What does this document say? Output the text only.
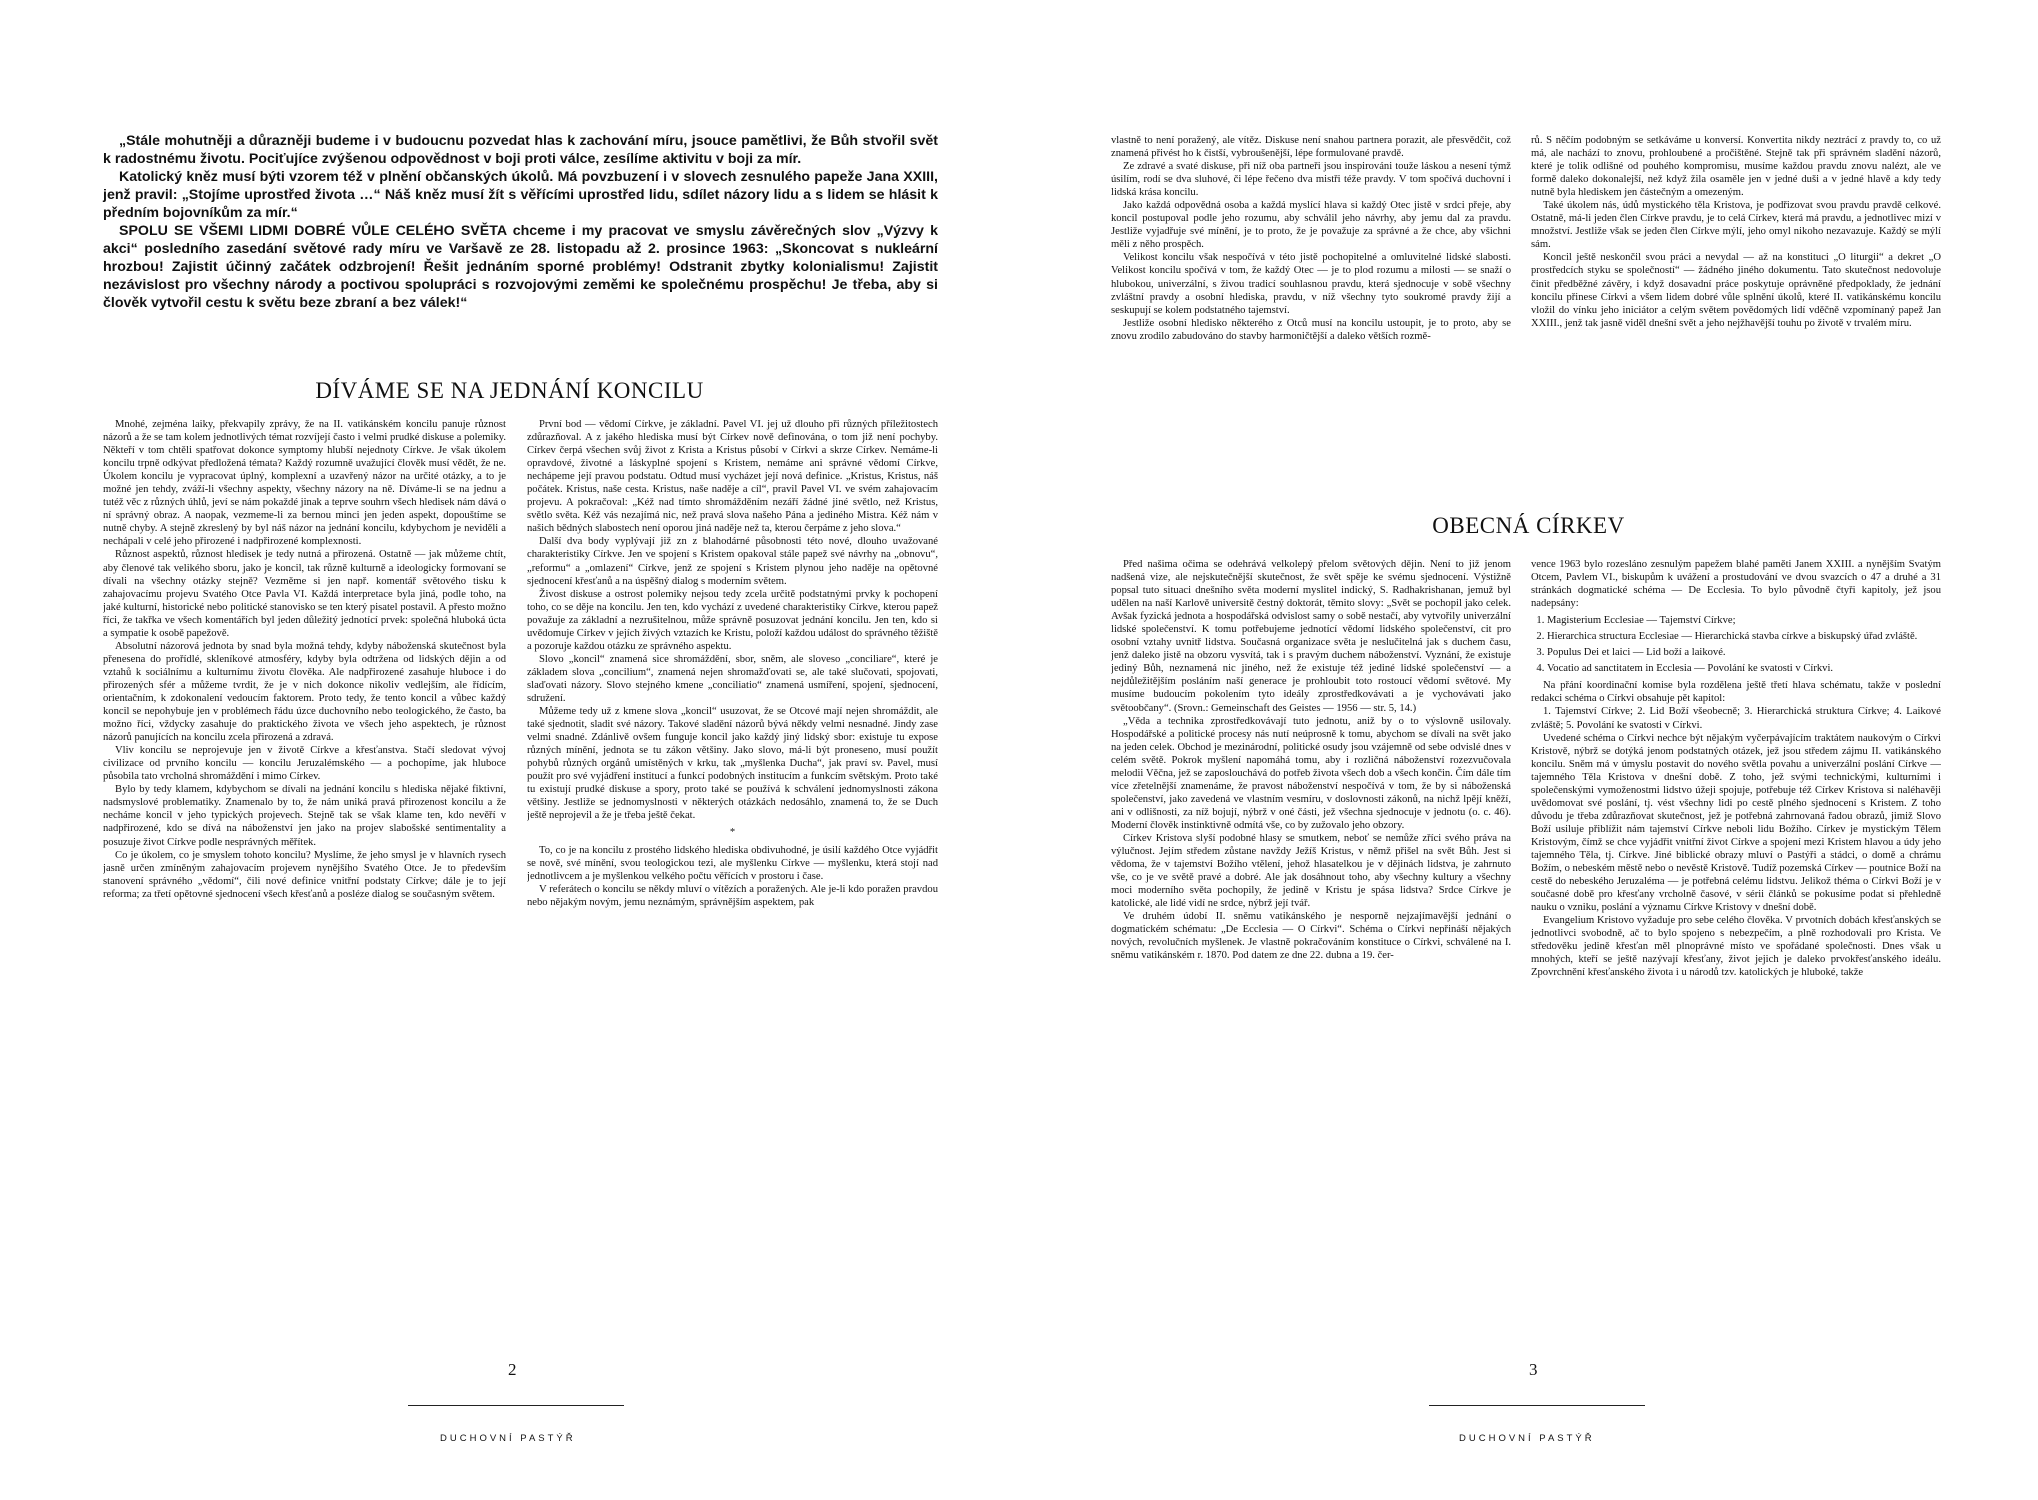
„Stále mohutněji a důrazněji budeme i v budoucnu pozvedat hlas k zachování míru, jsouce pamětlivi, že Bůh stvořil svět k radostnému životu. Pociťujíce zvýšenou odpovědnost v boji proti válce, zesílíme aktivitu v boji za mír.

Katolický kněz musí býti vzorem též v plnění občanských úkolů. Má povzbuzení i v slovech zesnulého papeže Jana XXIII, jenž pravil: „Stojíme uprostřed života …“ Náš kněz musí žít s věřícími uprostřed lidu, sdílet názory lidu a s lidem se hlásit k předním bojovníkům za mír.“

SPOLU SE VŠEMI LIDMI DOBRÉ VŮLE CELÉHO SVĚTA chceme i my pracovat ve smyslu závěrečných slov „Výzvy k akci“ posledního zasedání světové rady míru ve Varšavě ze 28. listopadu až 2. prosince 1963: „Skoncovat s nukleární hrozbou! Zajistit účinný začátek odzbrojení! Řešit jednáním sporné problémy! Odstranit zbytky kolonialismu! Zajistit nezávislost pro všechny národy a poctivou spolupráci s rozvojovými zeměmi ke společnému prospěchu! Je třeba, aby si člověk vytvořil cestu k světu beze zbraní a bez válek!“

DÍVÁME SE NA JEDNÁNÍ KONCILU

Mnohé, zejména laiky, překvapily zprávy, že na II. vatikánském koncilu panuje různost názorů a že se tam kolem jednotlivých témat rozvíjejí často i velmi prudké diskuse a polemiky. Někteří v tom chtěli spatřovat dokonce symptomy hlubší nejednoty Církve. Je však úkolem koncilu trpně odkývat předložená témata? Každý rozumně uvažující člověk musí vědět, že ne. Úkolem koncilu je vypracovat úplný, komplexní a uzavřený názor na určité otázky, a to je možné jen tehdy, zváží-li všechny aspekty, všechny názory na ně. Díváme-li se na jednu a tutéž věc z různých úhlů, jeví se nám pokaždé jinak a teprve souhrn všech hledisek nám dává o ní správný obraz. A naopak, vezmeme-li za bernou minci jen jeden aspekt, dopouštíme se nutně chyby. A stejně zkreslený by byl náš názor na jednání koncilu, kdybychom je neviděli a nechápali v celé jeho přirozené i nadpřirozené komplexnosti.

Různost aspektů, různost hledisek je tedy nutná a přirozená. Ostatně — jak můžeme chtít, aby členové tak velikého sboru, jako je koncil, tak různě kulturně a ideologicky formovaní se dívali na všechny otázky stejně? Vezměme si jen např. komentář světového tisku k zahajovacímu projevu Svatého Otce Pavla VI. Každá interpretace byla jiná, podle toho, na jaké kulturní, historické nebo politické stanovisko se ten který pisatel postavil. A přesto možno říci, že takřka ve všech komentářích byl jeden důležitý jednotící prvek: společná hluboká úcta a sympatie k osobě papežově.

Absolutní názorová jednota by snad byla možná tehdy, kdyby náboženská skutečnost byla přenesena do prořídlé, skleníkové atmosféry, kdyby byla odtržena od lidských dějin a od vztahů k sociálnímu a kulturnímu životu člověka. Ale nadpřirozené zasahuje hluboce i do přirozených sfér a můžeme tvrdit, že je v nich dokonce nikoliv vedlejším, ale řídícím, orientačním, k zdokonalení vedoucím faktorem. Proto tedy, že tento koncil a vůbec každý koncil se nepohybuje jen v problémech řádu úzce duchovního nebo teologického, že často, ba možno říci, vždycky zasahuje do praktického života ve všech jeho aspektech, je různost názorů panujících na koncilu zcela přirozená a zdravá.

Vliv koncilu se neprojevuje jen v životě Církve a křesťanstva. Stačí sledovat vývoj civilizace od prvního koncilu — koncilu Jeruzalémského — a pochopíme, jak hluboce působila tato vrcholná shromáždění i mimo Církev.

Bylo by tedy klamem, kdybychom se dívali na jednání koncilu s hlediska nějaké fiktivní, nadsmyslové problematiky. Znamenalo by to, že nám uniká pravá přirozenost koncilu a že necháme koncil v jeho typických projevech. Stejně tak se však klame ten, kdo nevěří v nadpřirozené, kdo se dívá na náboženství jen jako na projev slabošské sentimentality a posuzuje život Církve podle nesprávných měřítek.

Co je úkolem, co je smyslem tohoto koncilu? Myslíme, že jeho smysl je v hlavních rysech jasně určen zmíněným zahajovacím projevem nynějšího Svatého Otce. Je to především stanovení správného „vědomí“, čili nové definice vnitřní podstaty Církve; dále je to její reforma; za třetí opětovné sjednocení všech křesťanů a posléze dialog se současným světem.

První bod — vědomí Církve, je základní. Pavel VI. jej už dlouho při různých příležitostech zdůrazňoval. A z jakého hlediska musí být Církev nově definována, o tom již není pochyby. Církev čerpá všechen svůj život z Krista a Kristus působí v Církvi a skrze Církev. Nemáme-li opravdové, životné a láskyplné spojení s Kristem, nemáme ani správné vědomí Církve, nechápeme její pravou podstatu. Odtud musí vycházet její nová definice. „Kristus, Kristus, náš počátek. Kristus, naše cesta. Kristus, naše naděje a cíl“, pravil Pavel VI. ve svém zahajovacím projevu. A pokračoval: „Kéž nad tímto shromážděním nezáří žádné jiné světlo, než Kristus, světlo světa. Kéž vás nezajímá nic, než pravá slova našeho Pána a jediného Mistra. Kéž nám v našich bědných slabostech není oporou jiná naděje než ta, kterou čerpáme z jeho slova.“

Další dva body vyplývají již zn z blahodárné působnosti této nové, dlouho uvažované charakteristiky Církve. Jen ve spojení s Kristem opakoval stále papež své návrhy na „obnovu“, „reformu“ a „omlazení“ Církve, jenž ze spojení s Kristem plynou jeho naděje na opětovné sjednocení křesťanů a na úspěšný dialog s moderním světem.

Živost diskuse a ostrost polemiky nejsou tedy zcela určitě podstatnými prvky k pochopení toho, co se děje na koncilu. Jen ten, kdo vychází z uvedené charakteristiky Církve, kterou papež považuje za základní a nezrušitelnou, může správně posuzovat jednání koncilu. Jen ten, kdo si uvědomuje Církev v jejích živých vztazích ke Kristu, položí každou událost do správného těžiště a pozoruje každou otázku ze správného aspektu.

Slovo „koncil“ znamená sice shromáždění, sbor, sněm, ale sloveso „conciliare“, které je základem slova „concilium“, znamená nejen shromažďovati se, ale také slučovati, spojovati, slaďovati názory. Slovo stejného kmene „conciliatio“ znamená usmíření, spojení, sjednocení, sdružení.

Můžeme tedy už z kmene slova „koncil“ usuzovat, že se Otcové mají nejen shromáždit, ale také sjednotit, sladit své názory. Takové sladění názorů bývá někdy velmi nesnadné. Jindy zase velmi snadné. Zdánlivě ovšem funguje koncil jako každý jiný lidský sbor: existuje tu expose různých mínění, jednota se tu zákon většiny. Jako slovo, má-li být proneseno, musí použít pohybů různých orgánů umístěných v krku, tak „myšlenka Ducha“, jak praví sv. Pavel, musí použít pro své vyjádření institucí a funkcí podobných institucím a funkcím světským. Proto také tu existují prudké diskuse a spory, proto také se používá k schválení jednomyslnosti zákona většiny. Jestliže se jednomyslnosti v některých otázkách nedosáhlo, znamená to, že se Duch ještě neprojevil a že je třeba ještě čekat.

*

To, co je na koncilu z prostého lidského hlediska obdivuhodné, je úsilí každého Otce vyjádřit se nově, své mínění, svou teologickou tezi, ale myšlenku Církve — myšlenku, která stojí nad jednotlivcem a je myšlenkou velkého počtu věřících v prostoru i čase.

V referátech o koncilu se někdy mluví o vítězích a poražených. Ale je-li kdo poražen pravdou nebo nějakým novým, jemu neznámým, správnějším aspektem, pak

2
DUCHOVNÍ PASTÝŘ

vlastně to není poražený, ale vítěz. Diskuse není snahou partnera porazit, ale přesvědčit, což znamená přivést ho k čistší, vybroušenější, lépe formulované pravdě.

Ze zdravé a svaté diskuse, při níž oba partneři jsou inspirováni touže láskou a nesení týmž úsilím, rodí se dva sluhové, či lépe řečeno dva mistři téže pravdy. V tom spočívá duchovní i lidská krása koncilu.

Jako každá odpovědná osoba a každá myslící hlava si každý Otec jistě v srdci přeje, aby koncil postupoval podle jeho rozumu, aby schválil jeho návrhy, aby jemu dal za pravdu. Jestliže vyjadřuje své mínění, je to proto, že je považuje za správné a že chce, aby všichni měli z něho prospěch.

Velikost koncilu však nespočívá v této jistě pochopitelné a omluvitelné lidské slabosti. Velikost koncilu spočívá v tom, že každý Otec — je to plod rozumu a milosti — se snaží o hlubokou, univerzální, s živou tradicí souhlasnou pravdu, která sjednocuje v sobě všechny zvláštní pravdy a osobní hlediska, pravdu, v níž všechny tyto soukromé pravdy žijí a seskupují se kolem podstatného tajemství.

Jestliže osobní hledisko některého z Otců musí na koncilu ustoupit, je to proto, aby se znovu zrodilo zabudováno do stavby harmoničtější a daleko větších rozmě-

rů. S něčím podobným se setkáváme u konversí. Konvertita nikdy neztrácí z pravdy to, co už má, ale nachází to znovu, prohloubené a pročištěné. Stejně tak při správném sladění názorů, které je tolik odlišné od pouhého kompromisu, musíme každou pravdu znovu nalézt, ale ve formě daleko dokonalejší, než když žila osaměle jen v jedné duši a v jedné hlavě a kdy tedy nutně byla hlediskem jen částečným a omezeným.

Také úkolem nás, údů mystického těla Kristova, je podřizovat svou pravdu pravdě celkové. Ostatně, má-li jeden člen Církve pravdu, je to celá Církev, která má pravdu, a jednotlivec mizí v množství. Jestliže však se jeden člen Církve mýlí, jeho omyl nikoho nezavazuje. Každý se mýlí sám.

Koncil ještě neskončil svou práci a nevydal — až na konstituci „O liturgii“ a dekret „O prostředcích styku se společností“ — žádného jiného dokumentu. Tato skutečnost nedovoluje činit předběžné závěry, i když dosavadní práce poskytuje oprávněné předpoklady, že jednání koncilu přinese Církvi a všem lidem dobré vůle splnění úkolů, které II. vatikánskému koncilu vložil do vínku jeho iniciátor a celým světem povědomých lidí vděčně vzpomínaný papež Jan XXIII., jenž tak jasně viděl dnešní svět a jeho nejžhavější touhu po životě v trvalém míru.

OBECNÁ CÍRKEV

Před našima očima se odehrává velkolepý přelom světových dějin. Není to již jenom nadšená vize, ale nejskutečnější skutečnost, že svět spěje ke svému sjednocení. Výstižně popsal tuto situaci dnešního světa moderní myslitel indický, S. Radhakrishanan, jemuž byl udělen na naší Karlově universitě čestný doktorát, těmito slovy: „Svět se pochopil jako celek. Avšak fyzická jednota a hospodářská odvislost samy o sobě nestačí, aby vytvořily univerzální lidské společenství. K tomu potřebujeme jednotící vědomí lidského společenství, cit pro osobní vztahy uvnitř lidstva. Současná organizace světa je neslučitelná jak s duchem času, jenž daleko jistě na obzoru vysvítá, tak i s pravým duchem náboženství. Vyznání, že existuje jediný Bůh, neznamená nic jiného, než že existuje též jediné lidské společenství — a nejdůležitějším posláním naší generace je prohloubit toto rostoucí vědomí světové. My musíme budoucím pokolením tyto ideály zprostředkovávati a je vychovávati jako světoobčany“. (Srovn.: Gemeinschaft des Geistes — 1956 — str. 5, 14.)

„Věda a technika zprostředkovávají tuto jednotu, aniž by o to výslovně usilovaly. Hospodářské a politické procesy nás nutí neúprosně k tomu, abychom se dívali na svět jako na jeden celek. Obchod je mezinárodní, politické osudy jsou vzájemně od sebe odvislé dnes v celém světě. Pokrok myšlení napomáhá tomu, aby i rozličná náboženství rozezvučovala melodii Věčna, jež se zaposlouchává do potřeb života všech dob a všech končin. Čím dále tím více zřetelnější znamenáme, že pravost náboženství nespočívá v tom, že by si náboženská společenství, jako zavedená ve vlastním vesmíru, v doslovnosti zákonů, na nichž lpějí kněží, ani v odlišnosti, za níž bojují, nýbrž v oné části, jež všechna sjednocuje v jednotu (o. c. 46). Moderní člověk instinktivně odmítá vše, co by zužovalo jeho obzory.

Církev Kristova slyší podobné hlasy se smutkem, neboť se nemůže zříci svého práva na výlučnost. Jejím středem zůstane navždy Ježíš Kristus, v němž přišel na svět Bůh. Jest si vědoma, že v tajemství Božího vtělení, jehož hlasatelkou je v dějinách lidstva, je zahrnuto vše, co je ve světě pravé a dobré. Ale jak dosáhnout toho, aby všechny kultury a všechny moci moderního světa pochopily, že jedině v Kristu je spása lidstva? Srdce Církve je katolické, ale lidé vidí ne srdce, nýbrž její tvář.

Ve druhém údobí II. sněmu vatikánského je nesporně nejzajímavější jednání o dogmatickém schématu: „De Ecclesia — O Církvi“. Schéma o Církvi nepřináší nějakých nových, revolučních myšlenek. Je vlastně pokračováním konstituce o Církvi, schválené na I. sněmu vatikánském r. 1870. Pod datem ze dne 22. dubna a 19. čer-

vence 1963 bylo rozesláno zesnulým papežem blahé paměti Janem XXIII. a nynějším Svatým Otcem, Pavlem VI., biskupům k uvážení a prostudování ve dvou svazcích o 47 a druhé a 31 stránkách dogmatické schéma — De Ecclesia. To bylo původně čtyři kapitoly, jež jsou nadepsány:

1. Magisterium Ecclesiae — Tajemství Církve;
2. Hierarchica structura Ecclesiae — Hierarchická stavba církve a biskupský úřad zvláště.
3. Populus Dei et laici — Lid boží a laikové.
4. Vocatio ad sanctitatem in Ecclesia — Povolání ke svatosti v Církvi.

Na přání koordinační komise byla rozdělena ještě třetí hlava schématu, takže v poslední redakci schéma o Církvi obsahuje pět kapitol:

1. Tajemství Církve; 2. Lid Boží všeobecně; 3. Hierarchická struktura Církve; 4. Laikové zvláště; 5. Povolání ke svatosti v Církvi.

Uvedené schéma o Církvi nechce být nějakým vyčerpávajícím traktátem naukovým o Církvi Kristově, nýbrž se dotýká jenom podstatných otázek, jež jsou středem zájmu II. vatikánského koncilu. Sněm má v úmyslu postavit do nového světla povahu a univerzální poslání Církve — tajemného Těla Kristova v dnešní době. Z toho, jež svými technickými, kulturními i společenskými vymoženostmi lidstvo úžeji spojuje, potřebuje též Církev Kristova si naléhavěji uvědomovat své poslání, tj. vést všechny lidi po cestě plného sjednocení s Kristem. Z toho důvodu je třeba zdůrazňovat skutečnost, jež je potřebná zahrnovaná řadou obrazů, jimiž Slovo Boží usiluje přiblížit nám tajemství Církve neboli lidu Božího. Církev je mystickým Tělem Kristovým, čímž se chce vyjádřit vnitřní život Církve a spojení mezi Kristem hlavou a údy jeho tajemného Těla, tj. Církve. Jiné biblické obrazy mluví o Pastýři a stádci, o domě a chrámu Božím, o nebeském městě nebo o nevěstě Kristově. Tudíž pozemská Církev — poutnice Boží na cestě do nebeského Jeruzaléma — je potřebná celému lidstvu. Jelikož théma o Církvi Boží je v současné době pro křesťany vrcholně časové, v sérii článků se pokusíme podat si přehledně nauku o vzniku, poslání a významu Církve Kristovy v dnešní době.

Evangelium Kristovo vyžaduje pro sebe celého člověka. V prvotních dobách křesťanských se jednotlivci svobodně, ač to bylo spojeno s nebezpečím, a plně rozhodovali pro Krista. Ve středověku jedině křesťan měl plnoprávné místo ve spořádané společnosti. Dnes však u mnohých, kteří se ještě nazývají křesťany, život jejich je daleko prvokřesťanského ideálu. Zpovrchnění křesťanského života i u národů tzv. katolických je hluboké, takže

3
DUCHOVNÍ PASTÝŘ
